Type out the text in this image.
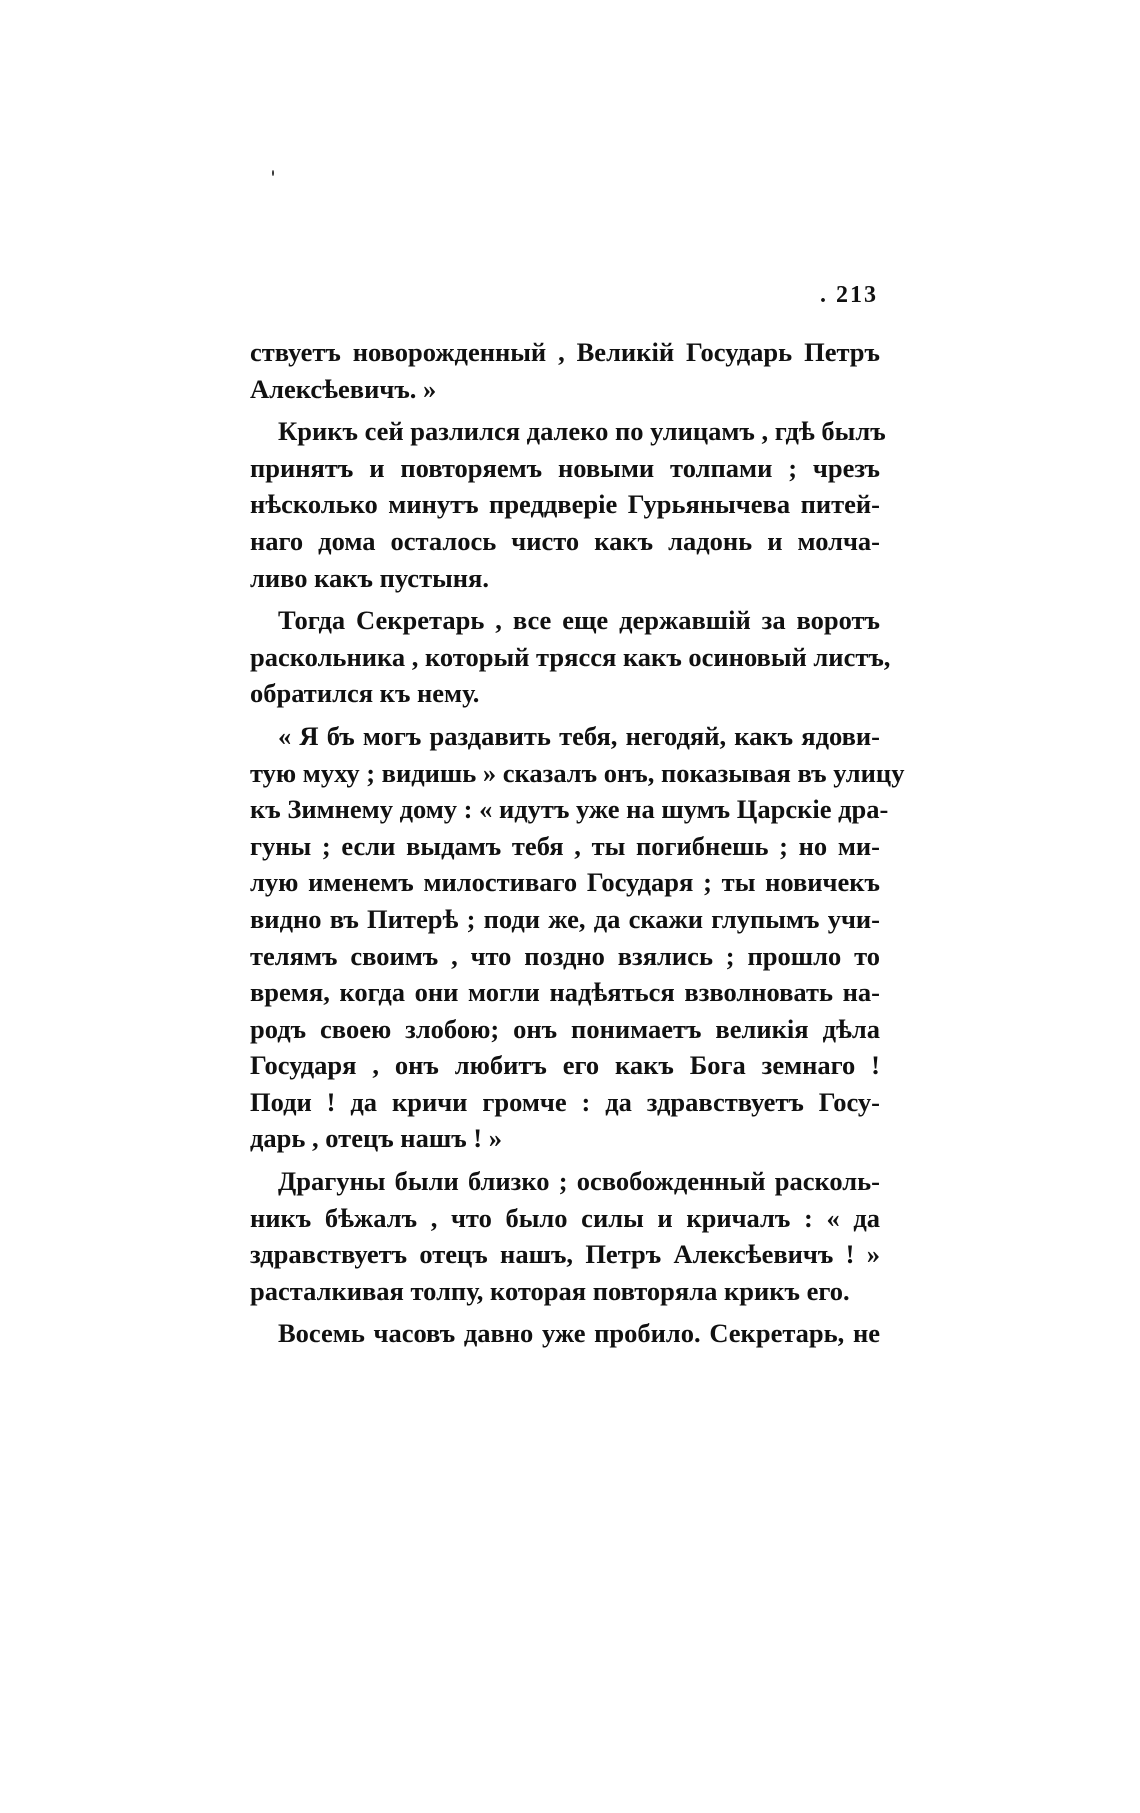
. 213
ствуетъ новорожденный , Великій Государь Петръ
Алексѣевичъ. »
Крикъ сей разлился далеко по улицамъ , гдѣ былъ
принятъ и повторяемъ новыми толпами ; чрезъ
нѣсколько минутъ преддверіе Гурьянычева питей-
наго дома осталось чисто какъ ладонь и молча-
ливо какъ пустыня.
Тогда Секретарь , все еще державшій за воротъ
раскольника , который трясся какъ осиновый листъ,
обратился къ нему.
« Я бъ могъ раздавить тебя, негодяй, какъ ядови-
тую муху ; видишь » сказалъ онъ, показывая въ улицу
къ Зимнему дому : « идутъ уже на шумъ Царскіе дра-
гуны ; если выдамъ тебя , ты погибнешь ; но ми-
лую именемъ милостиваго Государя ; ты новичекъ
видно въ Питерѣ ; поди же, да скажи глупымъ учи-
телямъ своимъ , что поздно взялись ; прошло то
время, когда они могли надѣяться взволновать на-
родъ своею злобою; онъ понимаетъ великія дѣла
Государя , онъ любитъ его какъ Бога земнаго !
Поди ! да кричи громче : да здравствуетъ Госу-
дарь , отецъ нашъ ! »
Драгуны были близко ; освобожденный расколь-
никъ бѣжалъ , что было силы и кричалъ : « да
здравствуетъ отецъ нашъ, Петръ Алексѣевичъ ! »
расталкивая толпу, которая повторяла крикъ его.
Восемь часовъ давно уже пробило. Секретарь, не
